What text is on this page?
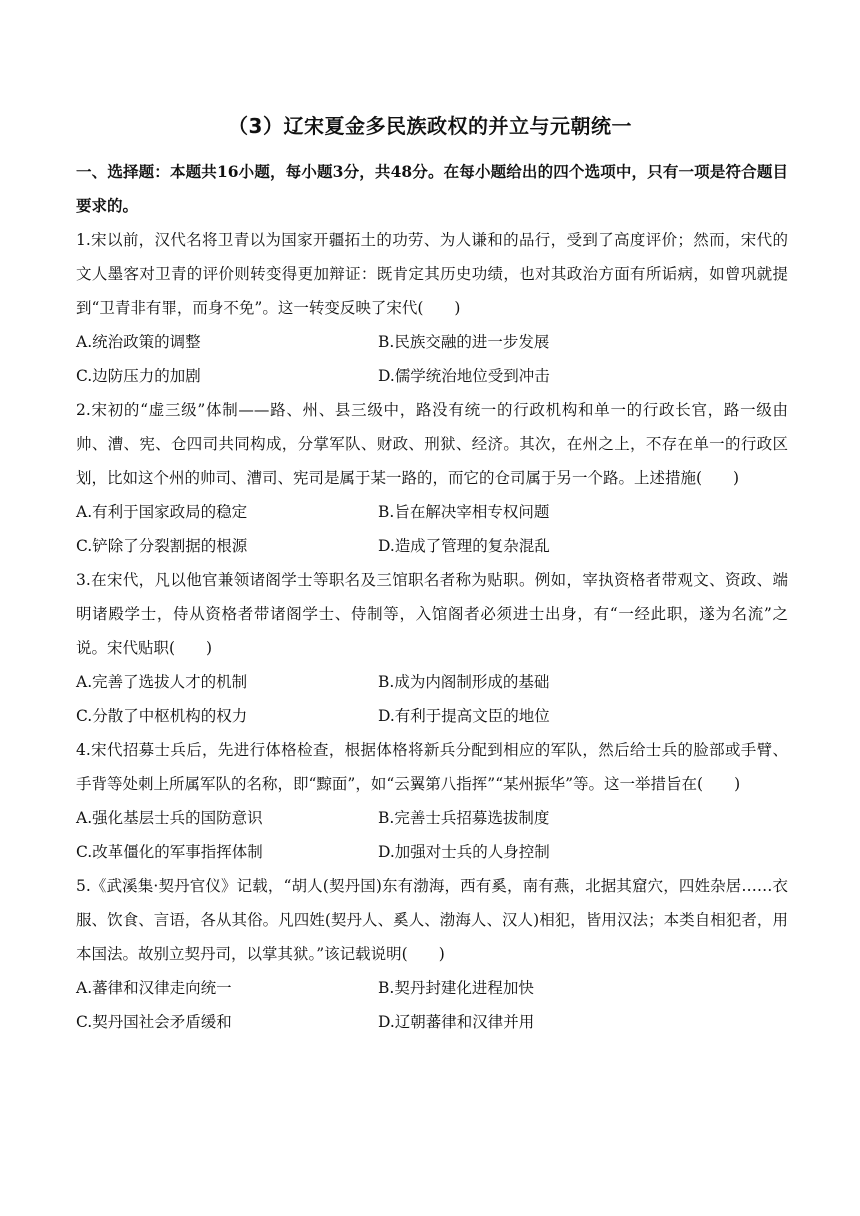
（3）辽宋夏金多民族政权的并立与元朝统一

一、选择题：本题共16小题，每小题3分，共48分。在每小题给出的四个选项中，只有一项是符合题目要求的。

1.宋以前，汉代名将卫青以为国家开疆拓土的功劳、为人谦和的品行，受到了高度评价；然而，宋代的文人墨客对卫青的评价则转变得更加辩证：既肯定其历史功绩，也对其政治方面有所诟病，如曾巩就提到“卫青非有罪，而身不免”。这一转变反映了宋代(　　)

A.统治政策的调整	B.民族交融的进一步发展
C.边防压力的加剧	D.儒学统治地位受到冲击

2.宋初的“虚三级”体制——路、州、县三级中，路没有统一的行政机构和单一的行政长官，路一级由帅、漕、宪、仓四司共同构成，分掌军队、财政、刑狱、经济。其次，在州之上，不存在单一的行政区划，比如这个州的帅司、漕司、宪司是属于某一路的，而它的仓司属于另一个路。上述措施(　　)

A.有利于国家政局的稳定	B.旨在解决宰相专权问题
C.铲除了分裂割据的根源	D.造成了管理的复杂混乱

3.在宋代，凡以他官兼领诸阁学士等职名及三馆职名者称为贴职。例如，宰执资格者带观文、资政、端明诸殿学士，侍从资格者带诸阁学士、侍制等，入馆阁者必须进士出身，有“一经此职，遂为名流”之说。宋代贴职(　　)

A.完善了选拔人才的机制	B.成为内阁制形成的基础
C.分散了中枢机构的权力	D.有利于提高文臣的地位

4.宋代招募士兵后，先进行体格检查，根据体格将新兵分配到相应的军队，然后给士兵的脸部或手臂、手背等处刺上所属军队的名称，即“黥面”，如“云翼第八指挥”“某州振华”等。这一举措旨在(　　)

A.强化基层士兵的国防意识	B.完善士兵招募选拔制度
C.改革僵化的军事指挥体制	D.加强对士兵的人身控制

5.《武溪集·契丹官仪》记载，“胡人(契丹国)东有渤海，西有奚，南有燕，北据其窟穴，四姓杂居……衣服、饮食、言语，各从其俗。凡四姓(契丹人、奚人、渤海人、汉人)相犯，皆用汉法；本类自相犯者，用本国法。故别立契丹司，以掌其狱。”该记载说明(　　)

A.蕃律和汉律走向统一	B.契丹封建化进程加快
C.契丹国社会矛盾缓和	D.辽朝蕃律和汉律并用
